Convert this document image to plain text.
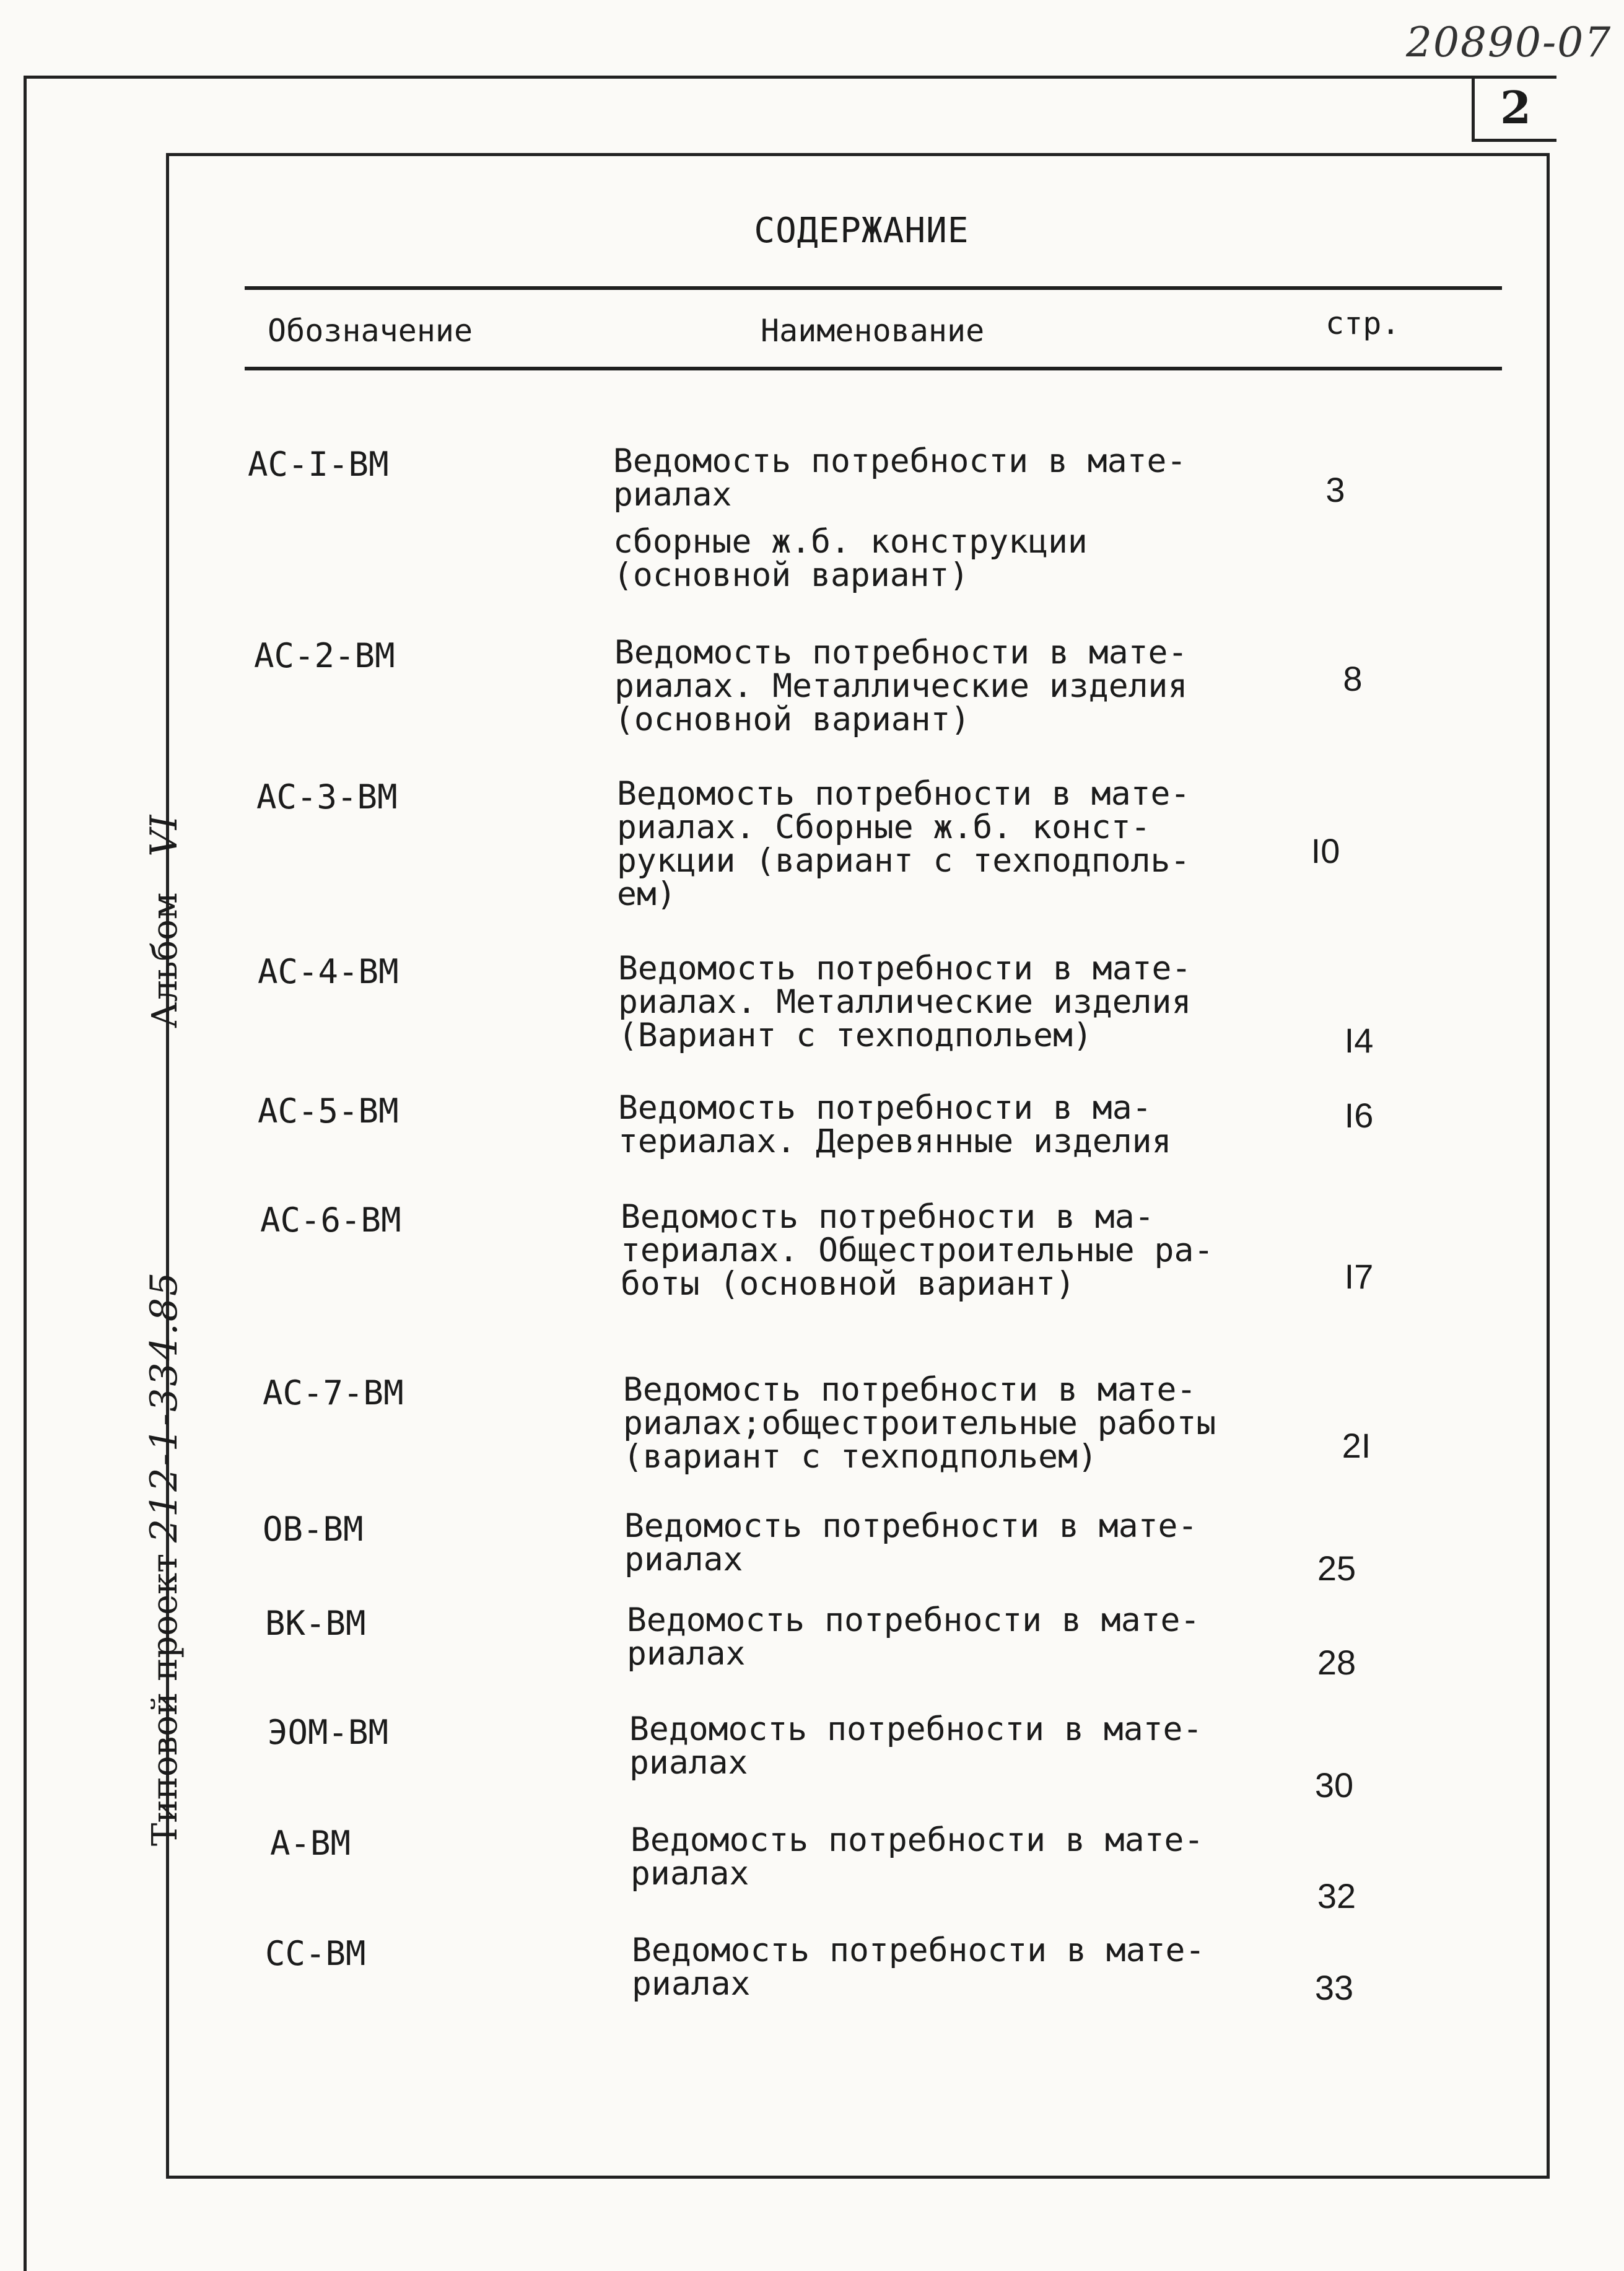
20890-07
2
СОДЕРЖАНИЕ
Обозначение	Наименование	стр.
АС-I-ВМ	Ведомость потребности в мате-
риалах
сборные ж.б. конструкции
(основной вариант)
3
АС-2-ВМ	Ведомость потребности в мате-
риалах. Металлические изделия
(основной вариант)
8
АС-3-ВМ	Ведомость потребности в мате-
риалах. Сборные ж.б. конст-
рукции (вариант с техподполь-
ем)
I0
АС-4-ВМ	Ведомость потребности в мате-
риалах. Металлические изделия
(Вариант с техподпольем)	I4
АС-5-ВМ	Ведомость потребности в ма-
териалах. Деревянные изделия
I6
АС-6-ВМ	Ведомость потребности в ма-
териалах. Общестроительные ра-
боты (основной вариант)	I7
АС-7-ВМ	Ведомость потребности в мате-
риалах;общестроительные работы
(вариант с техподпольем)	2I
ОВ-ВМ	Ведомость потребности в мате-
риалах	25
ВК-ВМ	Ведомость потребности в мате-
риалах	28
ЭОМ-ВМ	Ведомость потребности в мате-
риалах
30
А-ВМ	Ведомость потребности в мате-
риалах
32
СС-ВМ	Ведомость потребности в мате-
риалах	33
Типовой проект 212-1-334.85
Альбом VI
